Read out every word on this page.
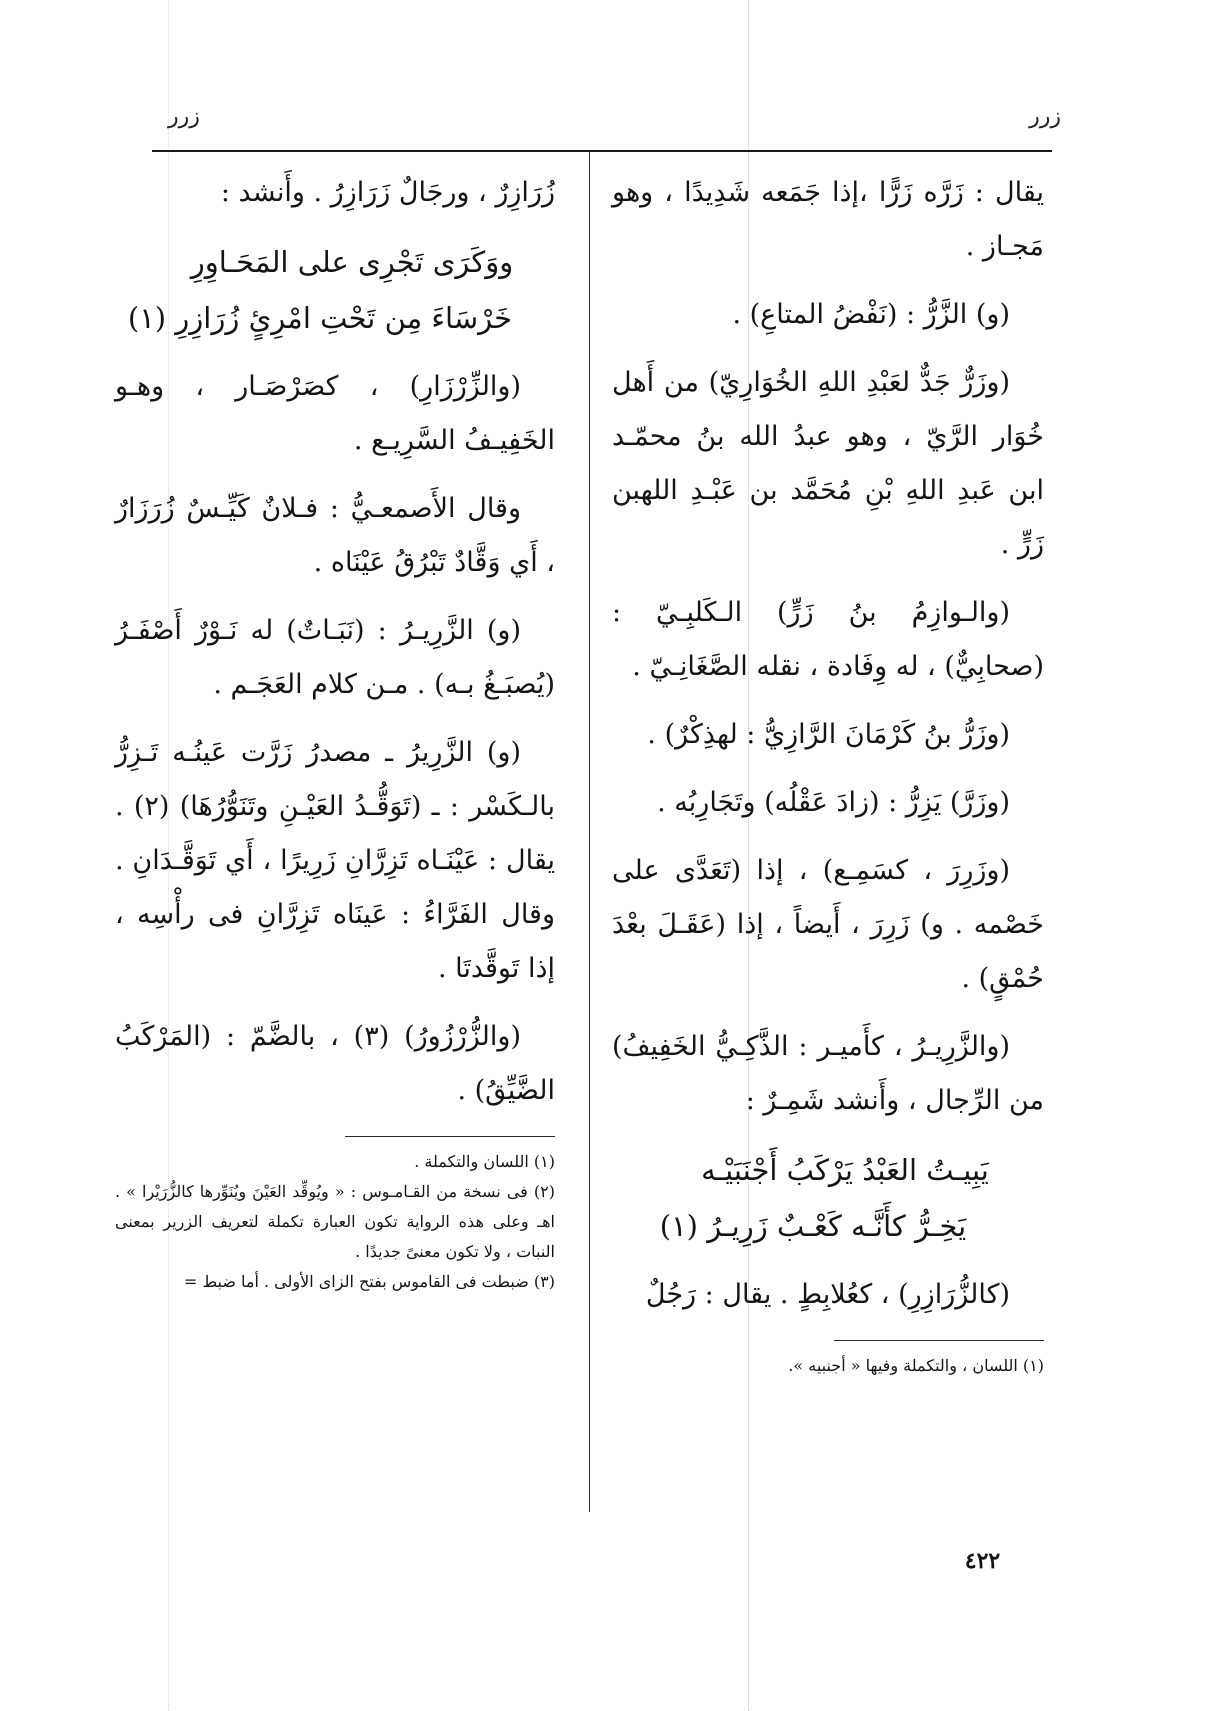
زرر
زرر

يقال : زَرَّه زَرًّا ،إذا جَمَعه شَدِيدًا ، وهو مَجـاز .

(و) الزَّرُّ : (نَفْضُ المتاعِ) .

(وزَرٌّ جَدٌّ لعَبْدِ اللهِ الخُوَارِيّ) من أَهل خُوَار الرَّيّ ، وهو عبدُ الله بنُ محمّـد ابن عَبدِ اللهِ بْنِ مُحَمَّد بن عَبْـدِ اللهبن زَرٍّ .

(والـوازِمُ بنُ زَرٍّ) الـكَلبِـيّ : (صحابِيٌّ) ، له وِفَادة ، نقله الصَّغَانِـيّ .

(وزَرُّ بنُ كَرْمَانَ الرَّازِيُّ : لهذِكْرٌ) .

(وزَرَّ) يَزِرُّ : (زادَ عَقْلُه) وتَجَارِبُه .

(وزَرِرَ ، كسَمِـع) ، إذا (تَعَدَّى على خَصْمه . و) زَرِرَ ، أَيضاً ، إذا (عَقَـلَ بعْدَ حُمْقٍ) .

(والزَّرِيـرُ ، كأَميـر : الذَّكِـيُّ الخَفِيفُ) من الرِّجال ، وأَنشد شَمِـرٌ :

يَبِيـتُ العَبْدُ يَرْكَبُ أَجْنَبَيْـه
يَخِـرُّ كأَنَّـه كَعْـبٌ زَرِيـرُ (١)

(كالزُّرَازِرِ) ، كعُلابِطٍ . يقال : رَجُلٌ

(١) اللسان ، والتكملة وفيها « أجنبيه ».

زُرَازِرٌ ، ورجَالٌ زَرَازِرُ . وأَنشد :

ووَكَرَى تَجْرِى على المَحَـاوِرِ
خَرْسَاءَ مِن تَحْتِ امْرِئٍ زُرَازِرِ (١)

(والزِّرْزَارِ) ، كصَرْصَـار ، وهـو الخَفِيـفُ السَّرِيـع .

وقال الأَصمعـيُّ : فـلانٌ كَيِّـسٌ زُرَزَارٌ ، أَي وَقَّادٌ تَبْرُقُ عَيْنَاه .

(و) الزَّرِيـرُ : (نَبَـاتٌ) له نَـوْرٌ أَصْفَـرُ (يُصبَـغُ بـه) . مـن كلام العَجَـم .

(و) الزَّرِيرُ ـ مصدرُ زَرَّت عَينُـه تَـزِرُّ بالـكَسْر : ـ (تَوَقُّـدُ العَيْـنِ وتَنَوُّرُهَا) (٢) . يقال : عَيْنَـاه تَزِرَّانِ زَرِيرًا ، أَي تَوَقَّـدَانِ . وقال الفَرَّاءُ : عَينَاه تَزِرَّانِ فى رأْسِه ، إذا تَوقَّدتَا .

(والزُّرْزُورُ) (٣) ، بالضَّمّ : (المَرْكَبُ الضَّيِّقُ) .

(١) اللسان والتكملة .

(٢) فى نسخة من القـامـوس : « ويُوقِّد العَيْنَ ويُنَوِّرها كالزُّرَيْرا » . اهـ وعلى هذه الرواية تكون العبارة تكملة لتعريف الزرير بمعنى النبات ، ولا تكون معنىً جديدًا .

(٣) ضبطت فى القاموس بفتح الزاى الأولى . أما ضبط =

٤٢٢
